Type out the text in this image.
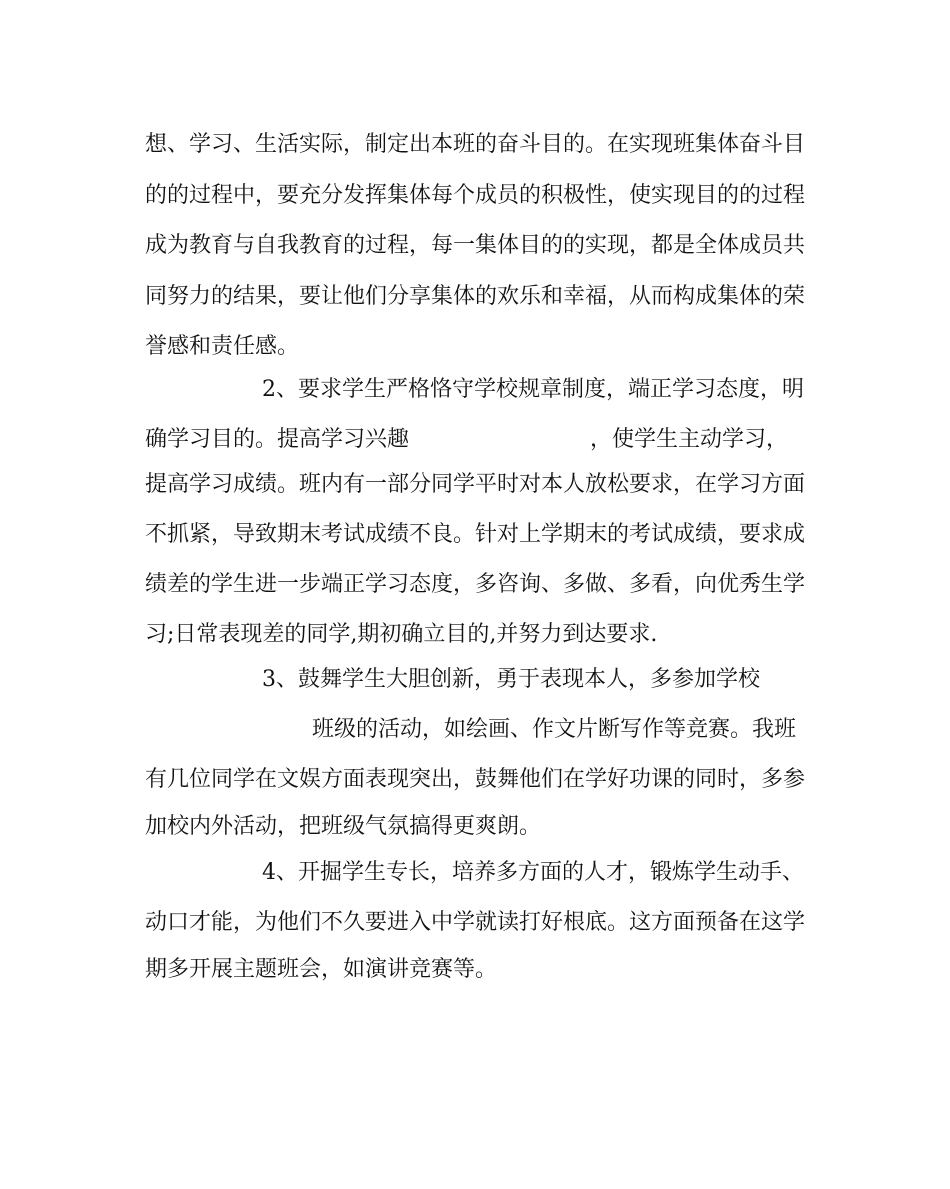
想、学习、生活实际，制定出本班的奋斗目的。在实现班集体奋斗目
的的过程中，要充分发挥集体每个成员的积极性，使实现目的的过程
成为教育与自我教育的过程，每一集体目的的实现，都是全体成员共
同努力的结果，要让他们分享集体的欢乐和幸福，从而构成集体的荣
誉感和责任感。
2、要求学生严格恪守学校规章制度，端正学习态度，明
确学习目的。提高学习兴趣	，使学生主动学习，
提高学习成绩。班内有一部分同学平时对本人放松要求，在学习方面
不抓紧，导致期末考试成绩不良。针对上学期末的考试成绩，要求成
绩差的学生进一步端正学习态度，多咨询、多做、多看，向优秀生学
习;日常表现差的同学,期初确立目的,并努力到达要求.
3、鼓舞学生大胆创新，勇于表现本人，多参加学校
班级的活动，如绘画、作文片断写作等竞赛。我班
有几位同学在文娱方面表现突出，鼓舞他们在学好功课的同时，多参
加校内外活动，把班级气氛搞得更爽朗。
4、开掘学生专长，培养多方面的人才，锻炼学生动手、
动口才能，为他们不久要进入中学就读打好根底。这方面预备在这学
期多开展主题班会，如演讲竞赛等。
